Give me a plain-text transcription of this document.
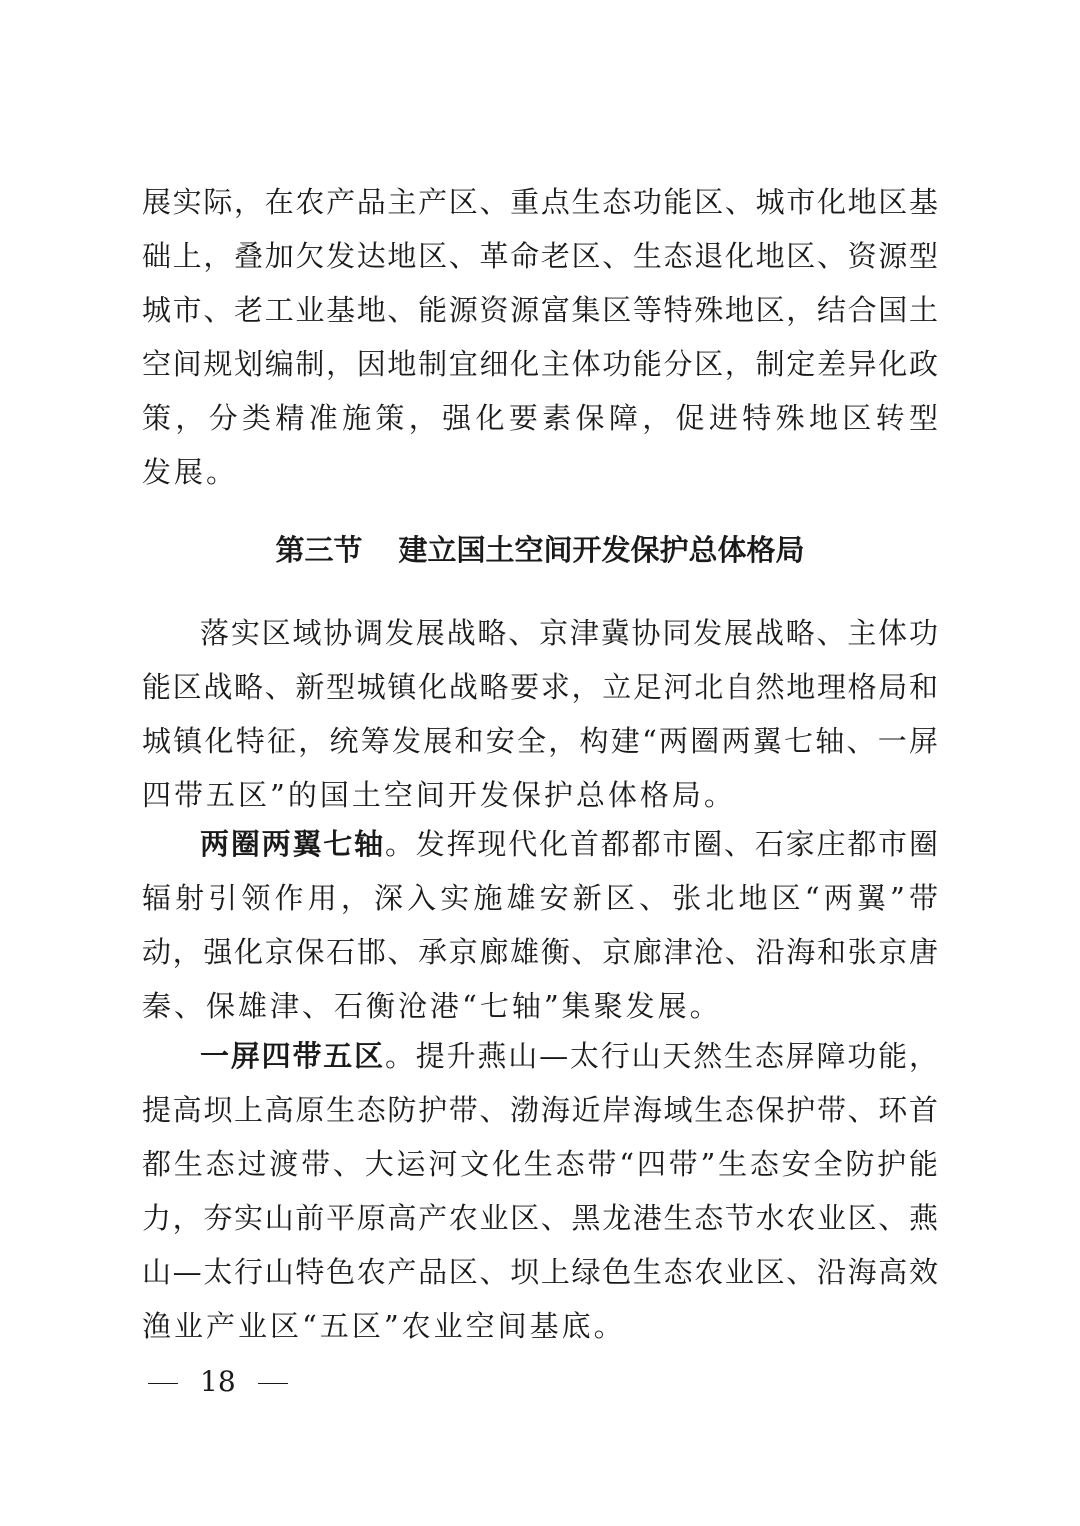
展实际，在农产品主产区、重点生态功能区、城市化地区基
础上，叠加欠发达地区、革命老区、生态退化地区、资源型
城市、老工业基地、能源资源富集区等特殊地区，结合国土
空间规划编制，因地制宜细化主体功能分区，制定差异化政
策，分类精准施策，强化要素保障，促进特殊地区转型
发展。
第三节 建立国土空间开发保护总体格局
落实区域协调发展战略、京津冀协同发展战略、主体功
能区战略、新型城镇化战略要求，立足河北自然地理格局和
城镇化特征，统筹发展和安全，构建“两圈两翼七轴、一屏
四带五区”的国土空间开发保护总体格局。
两圈两翼七轴。发挥现代化首都都市圈、石家庄都市圈
辐射引领作用，深入实施雄安新区、张北地区“两翼”带
动，强化京保石邯、承京廊雄衡、京廊津沧、沿海和张京唐
秦、保雄津、石衡沧港“七轴”集聚发展。
一屏四带五区。提升燕山—太行山天然生态屏障功能，
提高坝上高原生态防护带、渤海近岸海域生态保护带、环首
都生态过渡带、大运河文化生态带“四带”生态安全防护能
力，夯实山前平原高产农业区、黑龙港生态节水农业区、燕
山—太行山特色农产品区、坝上绿色生态农业区、沿海高效
渔业产业区“五区”农业空间基底。
18
